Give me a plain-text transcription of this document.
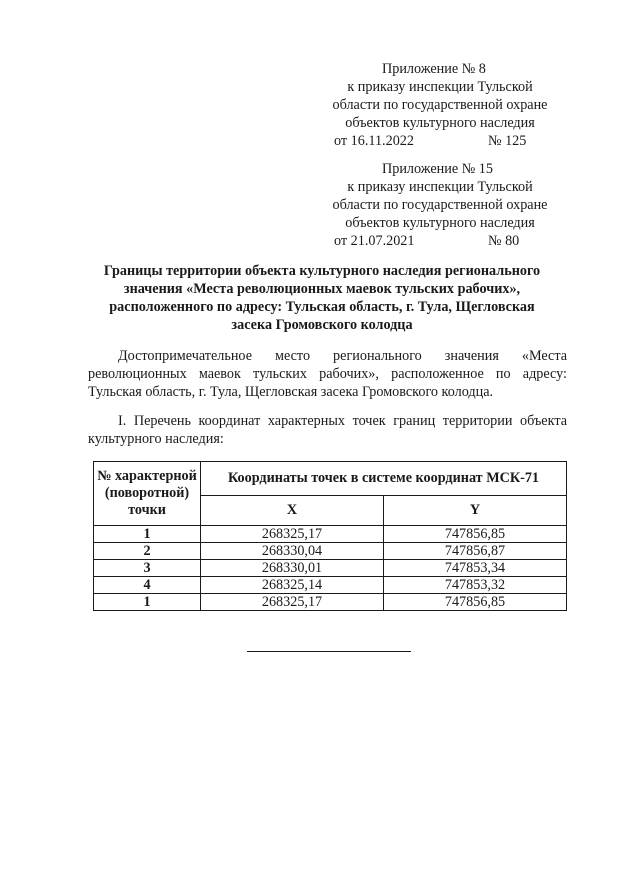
Приложение № 8
к приказу инспекции Тульской
области по государственной охране
объектов культурного наследия
от 16.11.2022	№ 125
Приложение № 15
к приказу инспекции Тульской
области по государственной охране
объектов культурного наследия
от 21.07.2021	№ 80
Границы территории объекта культурного наследия регионального
значения «Места революционных маевок тульских рабочих»,
расположенного по адресу: Тульская область, г. Тула, Щегловская
засека Громовского колодца
Достопримечательное место регионального значения «Места революционных маевок тульских рабочих», расположенное по адресу: Тульская область, г. Тула, Щегловская засека Громовского колодца.
I. Перечень координат характерных точек границ территории объекта культурного наследия:
№ характерной (поворотной) точки	Координаты точек в системе координат МСК-71	
	X	Y
1	268325,17	747856,85
2	268330,04	747856,87
3	268330,01	747853,34
4	268325,14	747853,32
1	268325,17	747856,85
